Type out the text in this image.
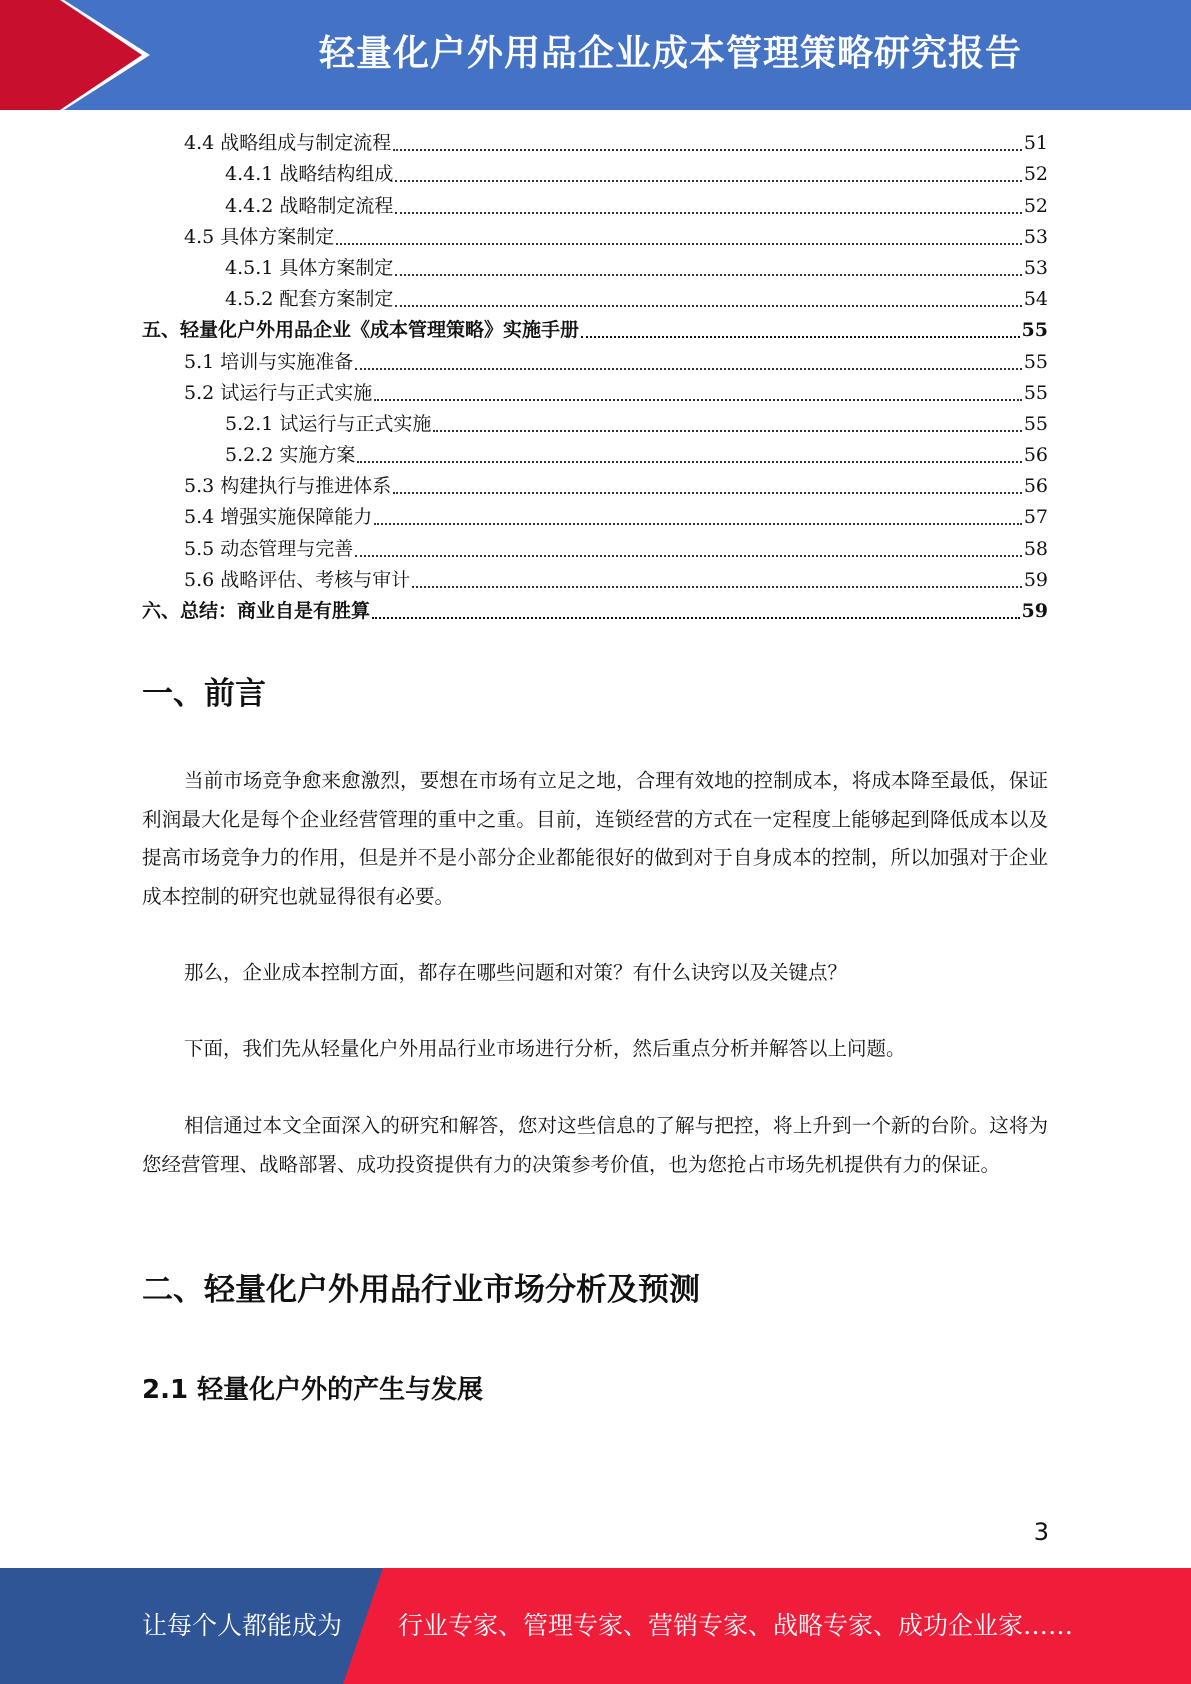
轻量化户外用品企业成本管理策略研究报告
4.4 战略组成与制定流程	51
4.4.1 战略结构组成	52
4.4.2 战略制定流程	52
4.5 具体方案制定	53
4.5.1 具体方案制定	53
4.5.2 配套方案制定	54
五、轻量化户外用品企业《成本管理策略》实施手册	55
5.1 培训与实施准备	55
5.2 试运行与正式实施	55
5.2.1 试运行与正式实施	55
5.2.2 实施方案	56
5.3 构建执行与推进体系	56
5.4 增强实施保障能力	57
5.5 动态管理与完善	58
5.6 战略评估、考核与审计	59
六、总结：商业自是有胜算	59
一、前言

当前市场竞争愈来愈激烈，要想在市场有立足之地，合理有效地的控制成本，将成本降至最低，保证利润最大化是每个企业经营管理的重中之重。目前，连锁经营的方式在一定程度上能够起到降低成本以及提高市场竞争力的作用，但是并不是小部分企业都能很好的做到对于自身成本的控制，所以加强对于企业成本控制的研究也就显得很有必要。

那么，企业成本控制方面，都存在哪些问题和对策？有什么诀窍以及关键点？

下面，我们先从轻量化户外用品行业市场进行分析，然后重点分析并解答以上问题。

相信通过本文全面深入的研究和解答，您对这些信息的了解与把控，将上升到一个新的台阶。这将为您经营管理、战略部署、成功投资提供有力的决策参考价值，也为您抢占市场先机提供有力的保证。

二、轻量化户外用品行业市场分析及预测
2.1 轻量化户外的产生与发展
3
让每个人都能成为 行业专家、管理专家、营销专家、战略专家、成功企业家……
